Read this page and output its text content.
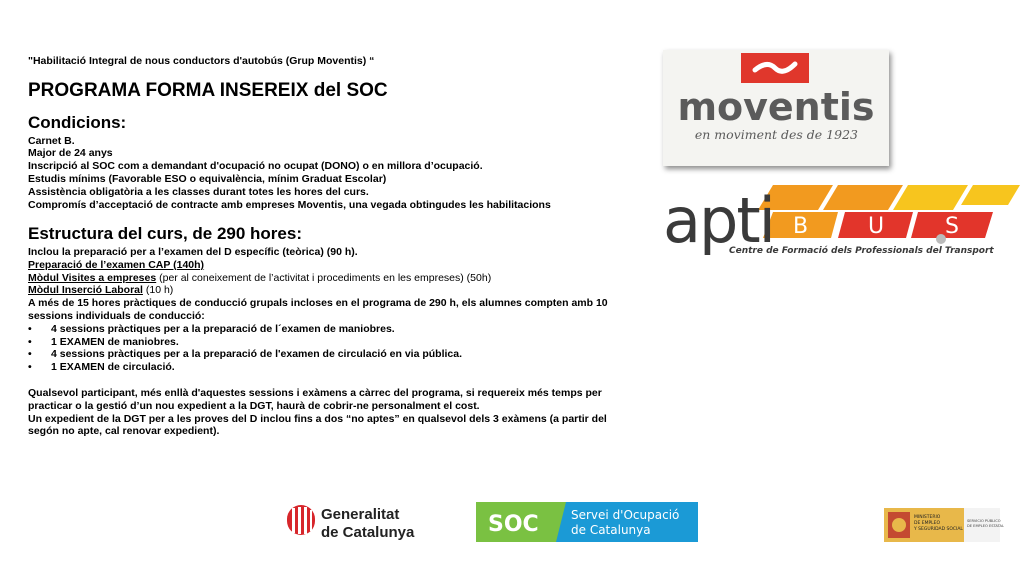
"Habilitació Integral de nous conductors d'autobús (Grup Moventis) “

PROGRAMA FORMA INSEREIX del SOC

Condicions:

Carnet B.

Major de 24 anys

Inscripció al SOC com a demandant d'ocupació no ocupat (DONO) o en millora d’ocupació.

Estudis mínims (Favorable ESO o equivalència, mínim Graduat Escolar)

Assistència obligatòria a les classes durant totes les hores del curs.

Compromís d’acceptació de contracte amb empreses Moventis, una vegada obtingudes les habilitacions

Estructura del curs, de 290 hores:

Inclou la preparació per a l’examen del D específic (teòrica) (90 h).

Preparació de l’examen CAP (140h)

Mòdul Visites a empreses (per al coneixement de l’activitat i procediments en les empreses) (50h)

Mòdul Inserció Laboral (10 h)

A més de 15 hores pràctiques de conducció grupals incloses en el programa de 290 h, els alumnes compten amb 10 sessions individuals de conducció:

•	4 sessions pràctiques per a la preparació de l´examen de maniobres.

•	1 EXAMEN de maniobres.

•	4 sessions pràctiques per a la preparació de l'examen de circulació en via pública.

•	1 EXAMEN de circulació.

Qualsevol participant, més enllà d'aquestes sessions i exàmens a càrrec del programa, si requereix més temps per practicar o la gestió d’un nou expedient a la DGT, haurà de cobrir-ne personalment el cost.

Un expedient de la DGT per a les proves del D inclou fins a dos “no aptes” en qualsevol dels 3 exàmens (a partir del segón no apte, cal renovar expedient).

moventis
en moviment des de 1923
apti B	U	S
Centre de Formació dels Professionals del Transport
Generalitat
de Catalunya	SOC	Servei d'Ocupació
de Catalunya
MINISTERIO
DE EMPLEO
Y SEGURIDAD SOCIAL
SERVICIO PÚBLICO
DE EMPLEO ESTATAL
